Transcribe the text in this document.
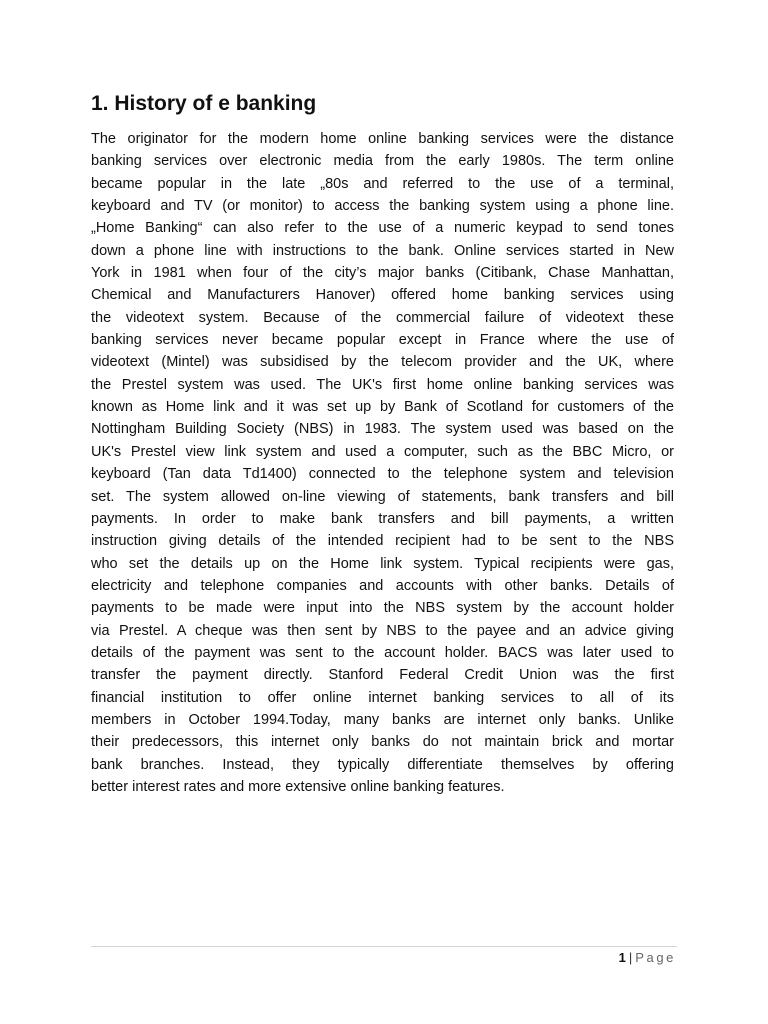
1. History of e banking
The originator for the modern home online banking services were the distance
banking services over electronic media from the early 1980s. The term online
became popular in the late „80s and referred to the use of a terminal,
keyboard and TV (or monitor) to access the banking system using a phone line.
„Home Banking“ can also refer to the use of a numeric keypad to send tones
down a phone line with instructions to the bank. Online services started in New
York in 1981 when four of the city’s major banks (Citibank, Chase Manhattan,
Chemical and Manufacturers Hanover) offered home banking services using
the videotext system. Because of the commercial failure of videotext these
banking services never became popular except in France where the use of
videotext (Mintel) was subsidised by the telecom provider and the UK, where
the Prestel system was used. The UK's first home online banking services was
known as Home link and it was set up by Bank of Scotland for customers of the
Nottingham Building Society (NBS) in 1983. The system used was based on the
UK's Prestel view link system and used a computer, such as the BBC Micro, or
keyboard (Tan data Td1400) connected to the telephone system and television
set. The system allowed on-line viewing of statements, bank transfers and bill
payments. In order to make bank transfers and bill payments, a written
instruction giving details of the intended recipient had to be sent to the NBS
who set the details up on the Home link system. Typical recipients were gas,
electricity and telephone companies and accounts with other banks. Details of
payments to be made were input into the NBS system by the account holder
via Prestel. A cheque was then sent by NBS to the payee and an advice giving
details of the payment was sent to the account holder. BACS was later used to
transfer the payment directly. Stanford Federal Credit Union was the first
financial institution to offer online internet banking services to all of its
members in October 1994.Today, many banks are internet only banks. Unlike
their predecessors, this internet only banks do not maintain brick and mortar
bank branches. Instead, they typically differentiate themselves by offering
better interest rates and more extensive online banking features.
1 | Page
